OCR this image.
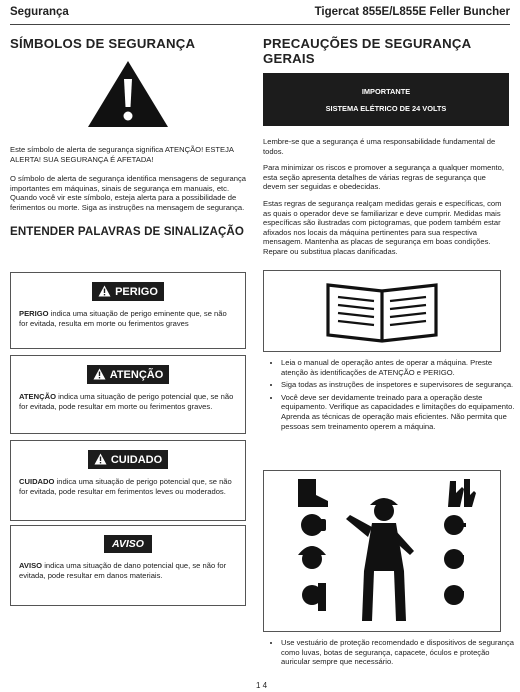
Segurança	Tigercat 855E/L855E Feller Buncher
SÍMBOLOS DE SEGURANÇA

Este símbolo de alerta de segurança significa ATENÇÃO! ESTEJA ALERTA! SUA SEGURANÇA É AFETADA!

O símbolo de alerta de segurança identifica mensagens de segurança importantes em máquinas, sinais de segurança em manuais, etc. Quando você vir este símbolo, esteja alerta para a possibilidade de ferimentos ou morte. Siga as instruções na mensagem de segurança.

ENTENDER PALAVRAS DE SINALIZAÇÃO
PERIGO

PERIGO indica uma situação de perigo eminente que, se não for evitada, resulta em morte ou ferimentos graves

ATENÇÃO

ATENÇÃO indica uma situação de perigo potencial que, se não for evitada, pode resultar em morte ou ferimentos graves.

CUIDADO

CUIDADO indica uma situação de perigo potencial que, se não for evitada, pode resultar em ferimentos leves ou moderados.

AVISO

AVISO indica uma situação de dano potencial que, se não for evitada, pode resultar em danos materiais.

PRECAUÇÕES DE SEGURANÇA GERAIS
IMPORTANTE
SISTEMA ELÉTRICO DE 24 VOLTS

Lembre-se que a segurança é uma responsabilidade fundamental de todos.

Para minimizar os riscos e promover a segurança a qualquer momento, esta seção apresenta detalhes de várias regras de segurança que devem ser seguidas e obedecidas.

Estas regras de segurança realçam medidas gerais e específicas, com as quais o operador deve se familiarizar e deve cumprir. Medidas mais específicas são ilustradas com pictogramas, que podem também estar afixados nos locais da máquina pertinentes para sua respectiva mensagem. Mantenha as placas de segurança em boas condições. Repare ou substitua placas danificadas.

• Leia o manual de operação antes de operar a máquina. Preste atenção às identificações de ATENÇÃO e PERIGO.
• Siga todas as instruções de inspetores e supervisores de segurança.
• Você deve ser devidamente treinado para a operação deste equipamento. Verifique as capacidades e limitações do equipamento. Aprenda as técnicas de operação mais eficientes. Não permita que pessoas sem treinamento operem a máquina.
• Use vestuário de proteção recomendado e dispositivos de segurança como luvas, botas de segurança, capacete, óculos e proteção auricular sempre que necessário.
1 4
